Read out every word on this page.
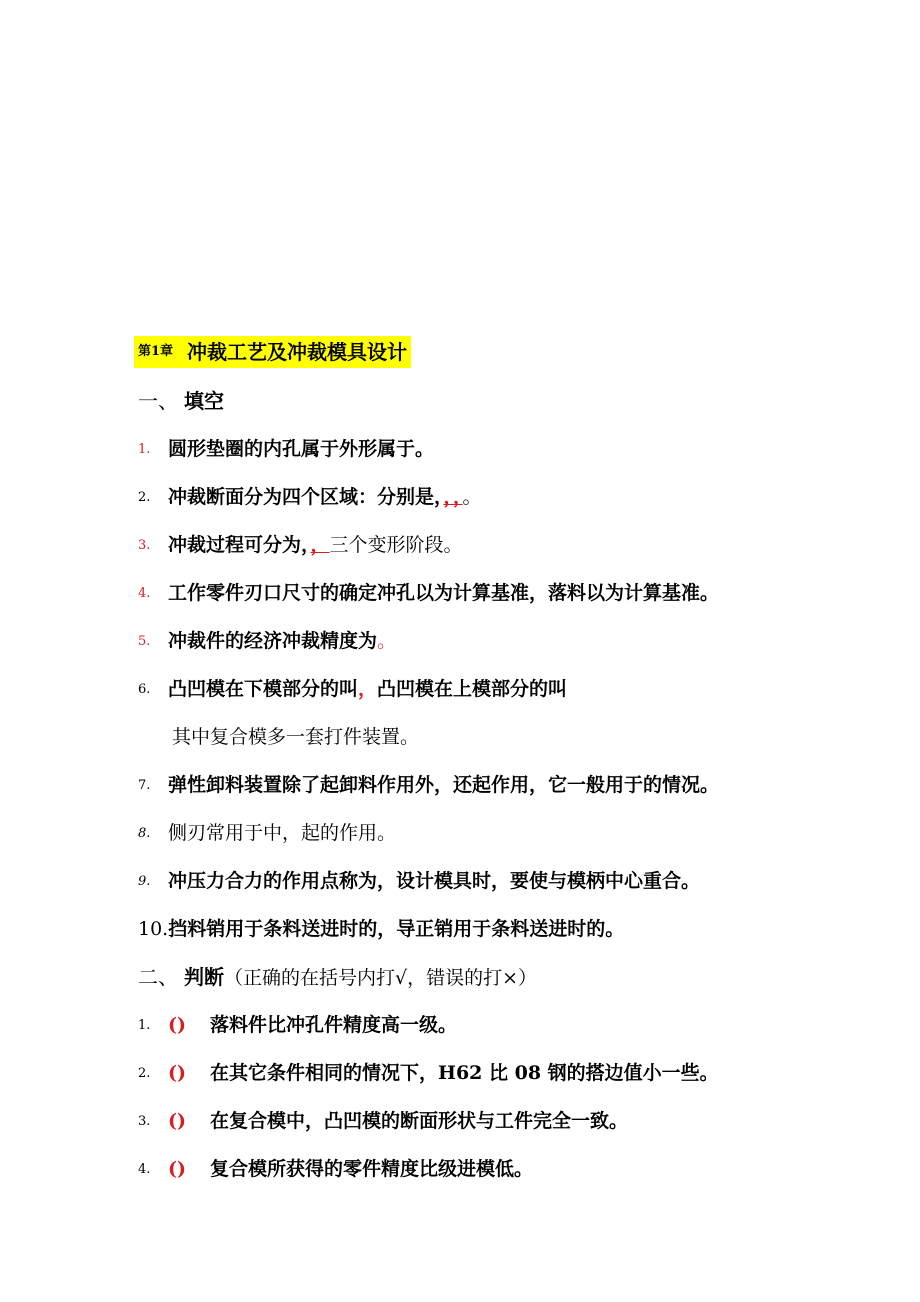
$^{第1章}$ 冲裁工艺及冲裁模具设计
一、 填空
1. 圆形垫圈的内孔属于外形属于。
2. 冲裁断面分为四个区域：分别是，，，。
3. 冲裁过程可分为，，三个变形阶段。
4. 工作零件刃口尺寸的确定冲孔以为计算基准，落料以为计算基准。
5. 冲裁件的经济冲裁精度为。
6. 凸凹模在下模部分的叫，凸凹模在上模部分的叫
其中复合模多一套打件装置。
7. 弹性卸料装置除了起卸料作用外，还起作用，它一般用于的情况。
8. 侧刃常用于中，起的作用。
9. 冲压力合力的作用点称为，设计模具时，要使与模柄中心重合。
10.挡料销用于条料送进时的，导正销用于条料送进时的。
二、 判断（正确的在括号内打√，错误的打×）
1. () 落料件比冲孔件精度高一级。
2. () 在其它条件相同的情况下，H62 比 08 钢的搭边值小一些。
3. () 在复合模中，凸凹模的断面形状与工件完全一致。
4. () 复合模所获得的零件精度比级进模低。
